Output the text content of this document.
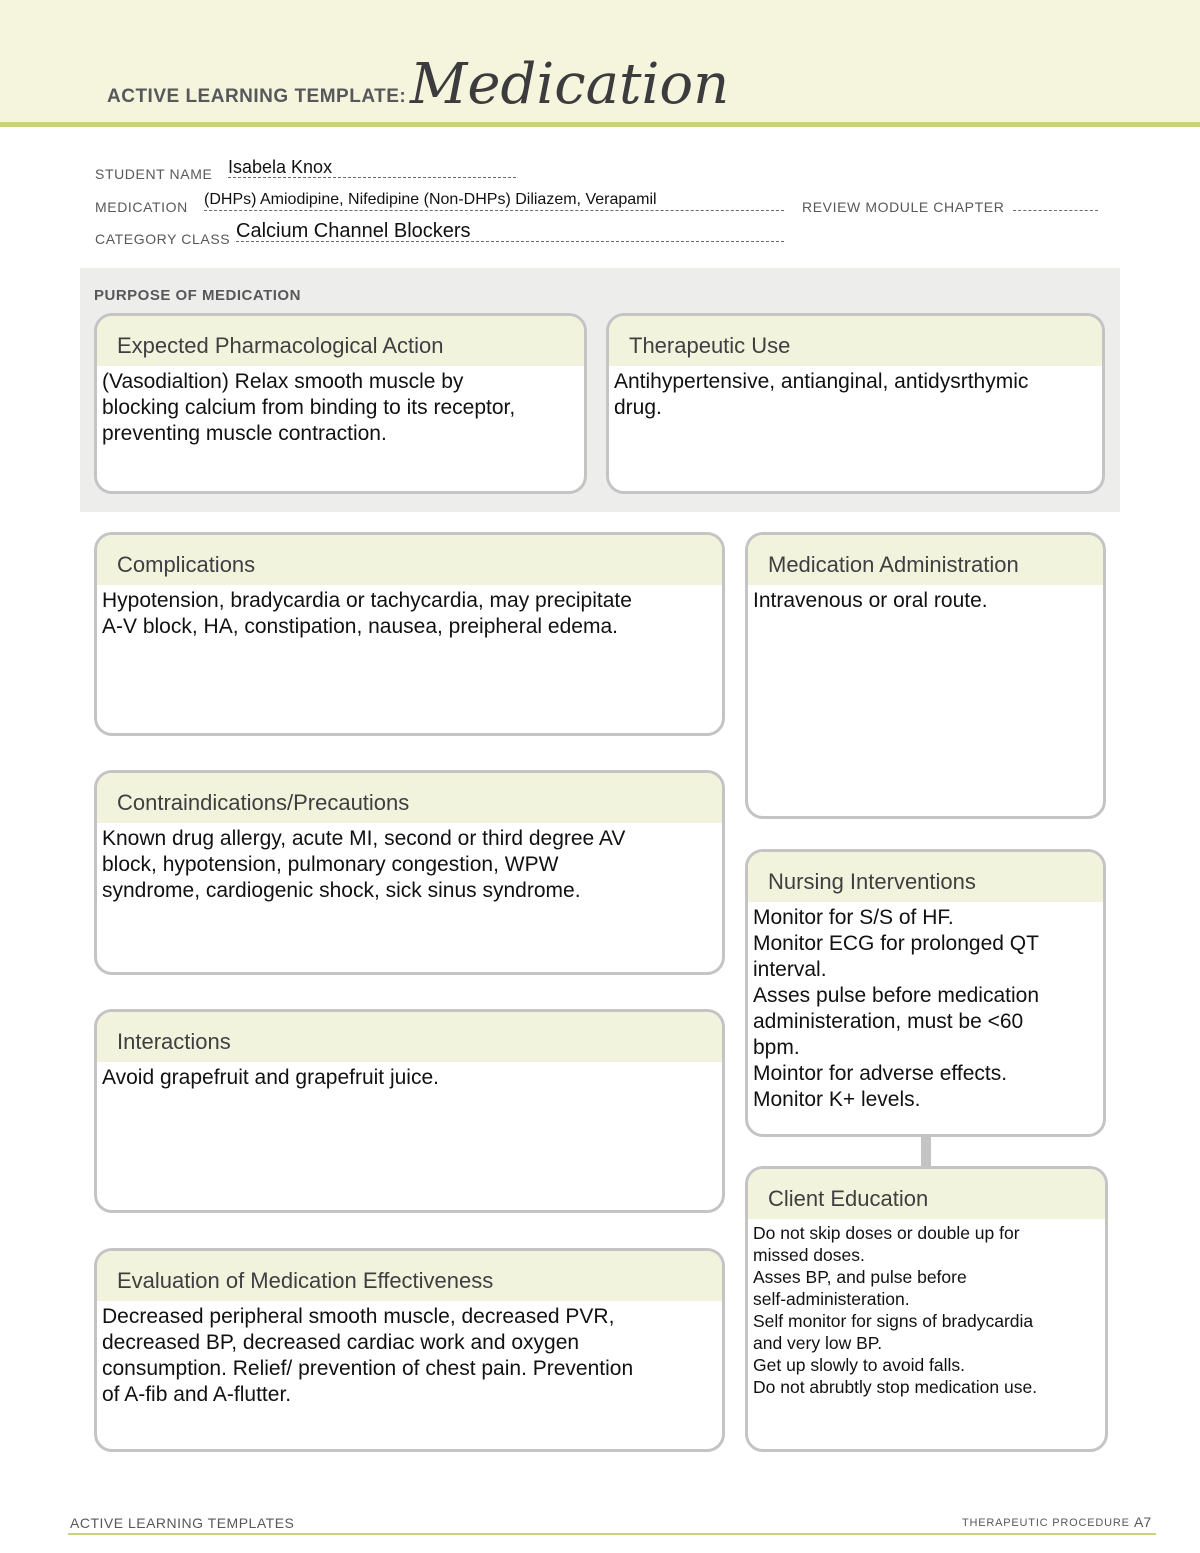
ACTIVE LEARNING TEMPLATE: Medication
STUDENT NAME Isabela Knox
MEDICATION (DHPs) Amiodipine, Nifedipine (Non-DHPs) Diliazem, Verapamil	REVIEW MODULE CHAPTER
CATEGORY CLASS Calcium Channel Blockers
PURPOSE OF MEDICATION
Expected Pharmacological Action
(Vasodialtion) Relax smooth muscle by
blocking calcium from binding to its receptor,
preventing muscle contraction.
Therapeutic Use
Antihypertensive, antianginal, antidysrthymic
drug.
Complications
Hypotension, bradycardia or tachycardia, may precipitate
A-V block, HA, constipation, nausea, preipheral edema.
Contraindications/Precautions
Known drug allergy, acute MI, second or third degree AV
block, hypotension, pulmonary congestion, WPW
syndrome, cardiogenic shock, sick sinus syndrome.
Interactions
Avoid grapefruit and grapefruit juice.
Evaluation of Medication Effectiveness
Decreased peripheral smooth muscle, decreased PVR,
decreased BP, decreased cardiac work and oxygen
consumption. Relief/ prevention of chest pain. Prevention
of A-fib and A-flutter.
Medication Administration
Intravenous or oral route.
Nursing Interventions
Monitor for S/S of HF.
Monitor ECG for prolonged QT
interval.
Asses pulse before medication
administeration, must be <60
bpm.
Mointor for adverse effects.
Monitor K+ levels.
Client Education
Do not skip doses or double up for
missed doses.
Asses BP, and pulse before
self-administeration.
Self monitor for signs of bradycardia
and very low BP.
Get up slowly to avoid falls.
Do not abrubtly stop medication use.
ACTIVE LEARNING TEMPLATES	THERAPEUTIC PROCEDURE A7
